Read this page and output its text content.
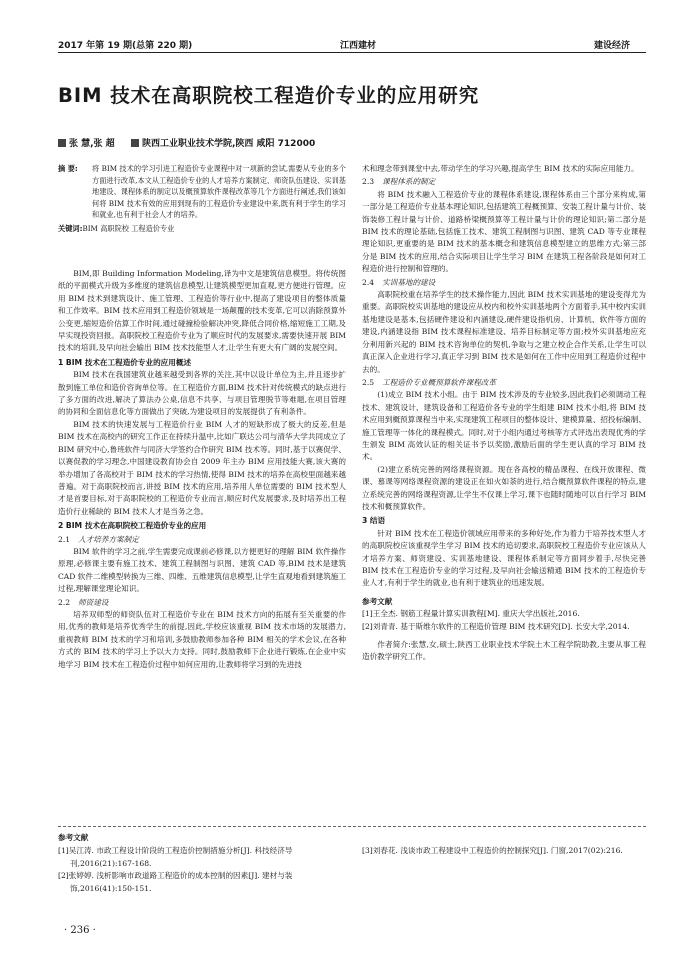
2017 年第 19 期(总第 220 期)	江西建材	建设经济
BIM 技术在高职院校工程造价专业的应用研究
张 慧,张 超	陕西工业职业技术学院,陕西 咸阳 712000
摘 要:	将 BIM 技术的学习引进工程造价专业课程中对一项新的尝试,需要从专业的多个方面进行改革,本文从工程造价专业的人才培养方案制定、师资队伍建设、实训基地建设、课程体系的制定以及概预算软件课程改革等几个方面进行阐述,我们该如何将 BIM 技术有效的应用到现有的工程造价专业建设中来,既有利于学生的学习和就业,也有利于社会人才的培养。
关键词:BIM 高职院校 工程造价专业

BIM,即 Building Information Modeling,译为中文是建筑信息模型。将传统图纸的平面模式升级为多维度的建筑信息模型,让建筑模型更加直观,更方便进行管理。应用 BIM 技术到建筑设计、施工管理、工程造价等行业中,提高了建设项目的整体质量和工作效率。BIM 技术应用到工程造价领域是一场颠覆的技术变革,它可以消除预算外公变更,缩短造价估算工作时间,通过碰撞检验解决冲突,降低合同价格,缩短施工工期,及早实现投资回报。高职院校工程造价专业为了顺应时代的发展要求,需要快速开展 BIM 技术的培训,及早向社会输出 BIM 技术技能型人才,让学生有更大有广阔的发展空间。

1 BIM 技术在工程造价专业的应用概述

BIM 技术在我国建筑业越来越受到各界的关注,其中以设计单位为主,并且逐步扩散到施工单位和造价咨询单位等。在工程造价方面,BIM 技术针对传统模式的缺点进行了多方面的改进,解决了算法办公桌,信息不共享、与项目管理脱节等难题,在项目管理的协同和全面信息化等方面做出了突破,为建设项目的发展提供了有利条件。

BIM 技术的快速发展与工程造价行业 BIM 人才的短缺形成了极大的反差,但是 BIM 技术在高校内的研究工作正在持续升温中,比如广联达公司与清华大学共同成立了 BIM 研究中心,鲁班软件与同济大学签约合作研究 BIM 技术等。同时,基于以赛促学、以赛促教的学习理念,中国建设教育协会自 2009 年主办 BIM 应用技能大赛,该大赛的举办增加了各高校对于 BIM 技术的学习热情,使得 BIM 技术的培养在高校里面越来越普遍。对于高职院校而言,讲授 BIM 技术的应用,培养用人单位需要的 BIM 技术型人才是首要目标,对于高职院校的工程造价专业而言,顺应时代发展要求,及时培养出工程造价行业稀缺的 BIM 技术人才是当务之急。

2 BIM 技术在高职院校工程造价专业的应用
2.1 人才培养方案制定

BIM 软件的学习之前,学生需要完成课前必修课,以方便更好的理解 BIM 软件操作原理,必修课主要有施工技术、建筑工程制图与识图、建筑 CAD 等,BIM 技术是建筑 CAD 软件二维模型转换为三维、四维、五维建筑信息模型,让学生直观地看到建筑施工过程,理解课堂理论知识。

2.2 师资建设

培养双师型的师资队伍对工程造价专业在 BIM 技术方向的拓展有至关重要的作用,优秀的教师是培养优秀学生的前提,因此,学校应该重视 BIM 技术市场的发展潜力,重视教师 BIM 技术的学习和培训,多鼓励教师参加各种 BIM 相关的学术会议,在各种方式的 BIM 技术的学习上予以大力支持。同时,鼓励教师下企业进行锻炼,在企业中实地学习 BIM 技术在工程造价过程中如何应用的,让教师将学习到的先进技

术和理念带到课堂中去,带动学生的学习兴趣,提高学生 BIM 技术的实际应用能力。

2.3 课程体系的制定

将 BIM 技术融入工程造价专业的课程体系建设,课程体系由三个部分来构成,第一部分是工程造价专业基本理论知识,包括建筑工程概预算、安装工程计量与计价、装饰装修工程计量与计价、道路桥梁概预算等工程计量与计价的理论知识;第二部分是 BIM 技术的理论基础,包括施工技术、建筑工程制图与识图、建筑 CAD 等专业课程理论知识,更重要的是 BIM 技术的基本概念和建筑信息模型建立的思维方式;第三部分是 BIM 技术的应用,结合实际项目让学生学习 BIM 在建筑工程各阶段是如何对工程造价进行控制和管理的。

2.4 实训基地的建设

高职院校重在培养学生的技术操作能力,因此 BIM 技术实训基地的建设变得尤为重要。高职院校实训基地的建设应从校内和校外实训基地两个方面着手,其中校内实训基地建设是基本,包括硬件建设和内涵建设,硬件建设指机房、计算机、软件等方面的建设,内涵建设指 BIM 技术课程标准建设、培养目标制定等方面;校外实训基地应充分利用新兴起的 BIM 技术咨询单位的契机,争取与之建立校企合作关系,让学生可以真正深入企业进行学习,真正学习到 BIM 技术是如何在工作中应用到工程造价过程中去的。

2.5 工程造价专业概预算软件课程改革

(1)成立 BIM 技术小组。由于 BIM 技术涉及的专业较多,因此我们必须调动工程技术、建筑设计、建筑设备和工程造价各专业的学生组建 BIM 技术小组,将 BIM 技术应用到概预算课程当中来,实现建筑工程项目的整体设计、建模算量、招投标编制、施工管理等一体化的课程模式。同时,对于小组内通过考核等方式评选出表现优秀的学生颁发 BIM 高效认证的相关证书予以奖励,激励后面的学生更认真的学习 BIM 技术。

(2)建立系统完善的网络课程资源。现在各高校的精品课程、在线开放课程、微课、慕课等网络课程资源的建设正在如火如荼的进行,结合概预算软件课程的特点,建立系统完善的网络课程资源,让学生不仅课上学习,课下也随时随地可以自行学习 BIM 技术和概预算软件。

3 结语

针对 BIM 技术在工程造价领域应用带来的多种好处,作为着力于培养技术型人才的高职院校应该重视学生学习 BIM 技术的追切要求,高职院校工程造价专业应该从人才培养方案、师资建设、实训基地建设、课程体系制定等方面同步着手,尽快完善 BIM 技术在工程造价专业的学习过程,及早向社会输送精通 BIM 技术的工程造价专业人才,有利于学生的就业,也有利于建筑业的迅速发展。

参考文献
[1]王全杰. 钢筋工程量计算实训教程[M]. 重庆大学出版社,2016.
[2]刘青青. 基于斯维尔软件的工程造价管理 BIM 技术研究[D]. 长安大学,2014.

作者简介:张慧,女,硕士,陕西工业职业技术学院土木工程学院助教,主要从事工程造价教学研究工作。

参考文献
[1]吴江涛. 市政工程设计阶段的工程造价控制措施分析[J]. 科技经济导刊,2016(21):167-168.
[2]张婷婷. 浅析影响市政道路工程造价的成本控制的因素[J]. 建材与装饰,2016(41):150-151.
[3]刘春花. 浅谈市政工程建设中工程造价的控制探究[J]. 门窗,2017(02):216.
· 236 ·
